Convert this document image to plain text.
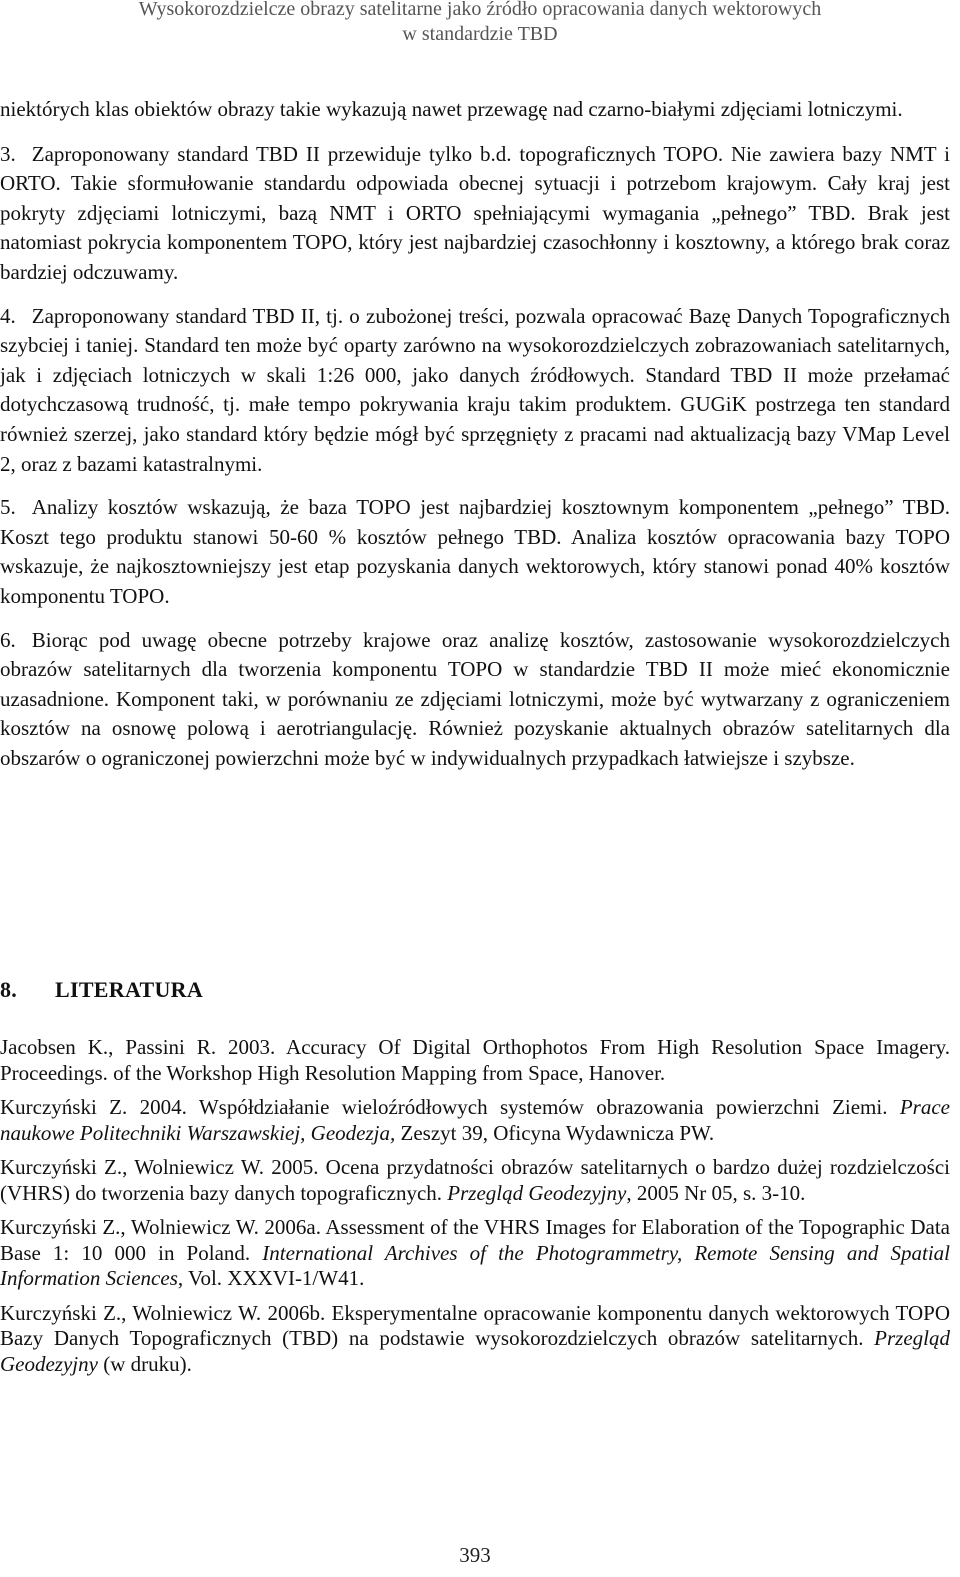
Wysokorozdzielcze obrazy satelitarne jako źródło opracowania danych wektorowych
w standardzie TBD

niektórych klas obiektów obrazy takie wykazują nawet przewagę nad czarno-białymi zdjęciami lotniczymi.

3. Zaproponowany standard TBD II przewiduje tylko b.d. topograficznych TOPO. Nie zawiera bazy NMT i ORTO. Takie sformułowanie standardu odpowiada obecnej sytuacji i potrzebom krajowym. Cały kraj jest pokryty zdjęciami lotniczymi, bazą NMT i ORTO spełniającymi wymagania „pełnego” TBD. Brak jest natomiast pokrycia komponentem TOPO, który jest najbardziej czasochłonny i kosztowny, a którego brak coraz bardziej odczuwamy.

4. Zaproponowany standard TBD II, tj. o zubożonej treści, pozwala opracować Bazę Danych Topograficznych szybciej i taniej. Standard ten może być oparty zarówno na wysokorozdzielczych zobrazowaniach satelitarnych, jak i zdjęciach lotniczych w skali 1:26 000, jako danych źródłowych. Standard TBD II może przełamać dotychczasową trudność, tj. małe tempo pokrywania kraju takim produktem. GUGiK postrzega ten standard również szerzej, jako standard który będzie mógł być sprzęgnięty z pracami nad aktualizacją bazy VMap Level 2, oraz z bazami katastralnymi.

5. Analizy kosztów wskazują, że baza TOPO jest najbardziej kosztownym komponentem „pełnego” TBD. Koszt tego produktu stanowi 50-60 % kosztów pełnego TBD. Analiza kosztów opracowania bazy TOPO wskazuje, że najkosztowniejszy jest etap pozyskania danych wektorowych, który stanowi ponad 40% kosztów komponentu TOPO.

6. Biorąc pod uwagę obecne potrzeby krajowe oraz analizę kosztów, zastosowanie wysokorozdzielczych obrazów satelitarnych dla tworzenia komponentu TOPO w standardzie TBD II może mieć ekonomicznie uzasadnione. Komponent taki, w porównaniu ze zdjęciami lotniczymi, może być wytwarzany z ograniczeniem kosztów na osnowę polową i aerotriangulację. Również pozyskanie aktualnych obrazów satelitarnych dla obszarów o ograniczonej powierzchni może być w indywidualnych przypadkach łatwiejsze i szybsze.

8. LITERATURA

Jacobsen K., Passini R. 2003. Accuracy Of Digital Orthophotos From High Resolution Space Imagery. Proceedings. of the Workshop High Resolution Mapping from Space, Hanover.

Kurczyński Z. 2004. Współdziałanie wieloźródłowych systemów obrazowania powierzchni Ziemi. Prace naukowe Politechniki Warszawskiej, Geodezja, Zeszyt 39, Oficyna Wydawnicza PW.

Kurczyński Z., Wolniewicz W. 2005. Ocena przydatności obrazów satelitarnych o bardzo dużej rozdzielczości (VHRS) do tworzenia bazy danych topograficznych. Przegląd Geodezyjny, 2005 Nr 05, s. 3-10.

Kurczyński Z., Wolniewicz W. 2006a. Assessment of the VHRS Images for Elaboration of the Topographic Data Base 1: 10 000 in Poland. International Archives of the Photogrammetry, Remote Sensing and Spatial Information Sciences, Vol. XXXVI-1/W41.

Kurczyński Z., Wolniewicz W. 2006b. Eksperymentalne opracowanie komponentu danych wektorowych TOPO Bazy Danych Topograficznych (TBD) na podstawie wysokorozdzielczych obrazów satelitarnych. Przegląd Geodezyjny (w druku).

393
